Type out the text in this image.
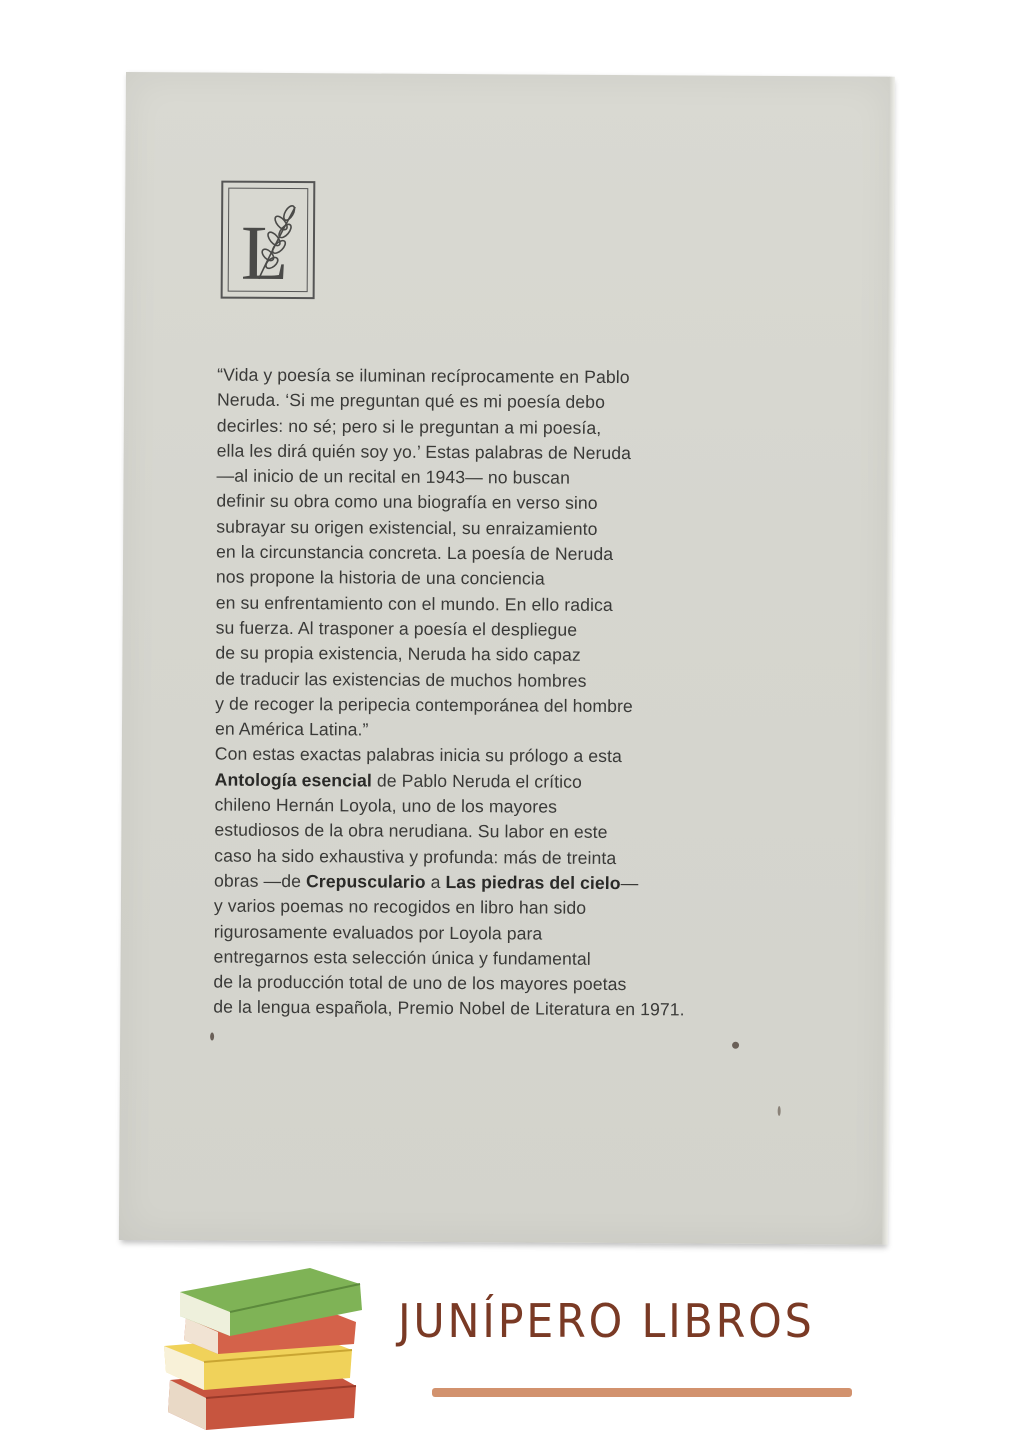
L

“Vida y poesía se iluminan recíprocamente en Pablo

Neruda. ‘Si me preguntan qué es mi poesía debo

decirles: no sé; pero si le preguntan a mi poesía,

ella les dirá quién soy yo.’ Estas palabras de Neruda

—al inicio de un recital en 1943— no buscan

definir su obra como una biografía en verso sino

subrayar su origen existencial, su enraizamiento

en la circunstancia concreta. La poesía de Neruda

nos propone la historia de una conciencia

en su enfrentamiento con el mundo. En ello radica

su fuerza. Al trasponer a poesía el despliegue

de su propia existencia, Neruda ha sido capaz

de traducir las existencias de muchos hombres

y de recoger la peripecia contemporánea del hombre

en América Latina.”

Con estas exactas palabras inicia su prólogo a esta

Antología esencial de Pablo Neruda el crítico

chileno Hernán Loyola, uno de los mayores

estudiosos de la obra nerudiana. Su labor en este

caso ha sido exhaustiva y profunda: más de treinta

obras —de Crepusculario a Las piedras del cielo—

y varios poemas no recogidos en libro han sido

rigurosamente evaluados por Loyola para

entregarnos esta selección única y fundamental

de la producción total de uno de los mayores poetas

de la lengua española, Premio Nobel de Literatura en 1971.

JUNÍPERO LIBROS
